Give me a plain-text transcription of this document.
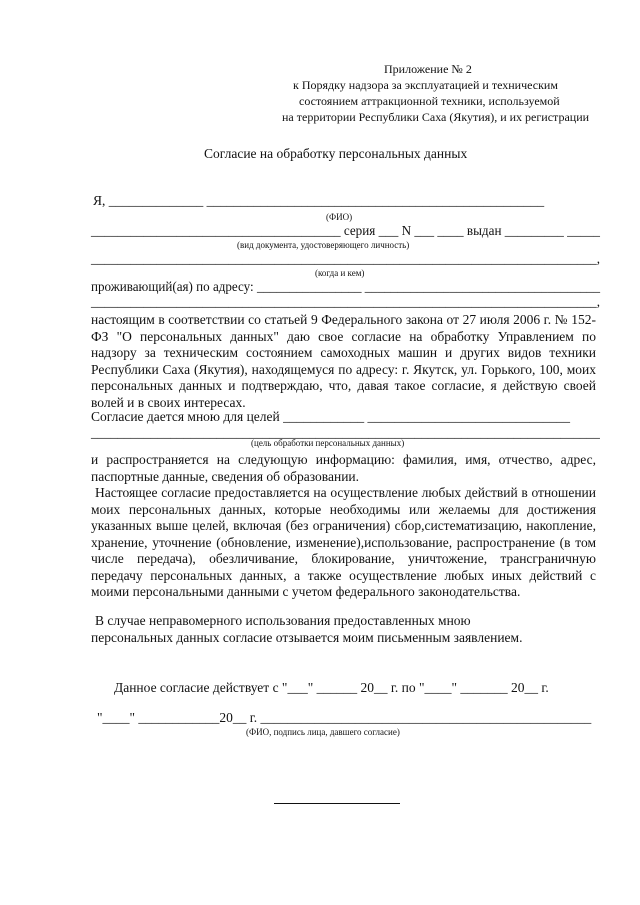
Приложение № 2
к Порядку надзора за эксплуатацией и техническим
состоянием аттракционной техники, используемой
на территории Республики Саха (Якутия), и их регистрации
Согласие на обработку персональных данных
Я, ______________ __________________________________________________
(ФИО)
______________________________________ серия ___ N ___ ____ выдан _________ _____
(вид документа, удостоверяющего личность)
_____________________________________________________________________________,
(когда и кем)
проживающий(ая) по адресу: ________________ ____________________________________
_____________________________________________________________________________,
настоящим в соответствии со статьей 9 Федерального закона от 27 июля 2006 г. № 152-ФЗ "О персональных данных" даю свое согласие на обработку Управлением по надзору за техническим состоянием самоходных машин и других видов техники Республики Саха (Якутия), находящемуся по адресу: г. Якутск, ул. Горького, 100, моих персональных данных и подтверждаю, что, давая такое согласие, я действую своей волей и в своих интересах.
Согласие дается мною для целей ____________ ______________________________
_____________________________________________________________________________
(цель обработки персональных данных)
и распространяется на следующую информацию: фамилия, имя, отчество, адрес, паспортные данные, сведения об образовании.
Настоящее согласие предоставляется на осуществление любых действий в отношении моих персональных данных, которые необходимы или желаемы для достижения указанных выше целей, включая (без ограничения) сбор,систематизацию, накопление, хранение, уточнение (обновление, изменение),использование, распространение (в том числе передача), обезличивание, блокирование, уничтожение, трансграничную передачу персональных данных, а также осуществление любых иных действий с моими персональными данными с учетом федерального законодательства.
В случае неправомерного использования предоставленных мною
персональных данных согласие отзывается моим письменным заявлением.
Данное согласие действует с "___" ______ 20__ г. по "____" _______ 20__ г.
"____" ____________20__ г. _________________________________________________
(ФИО, подпись лица, давшего согласие)
